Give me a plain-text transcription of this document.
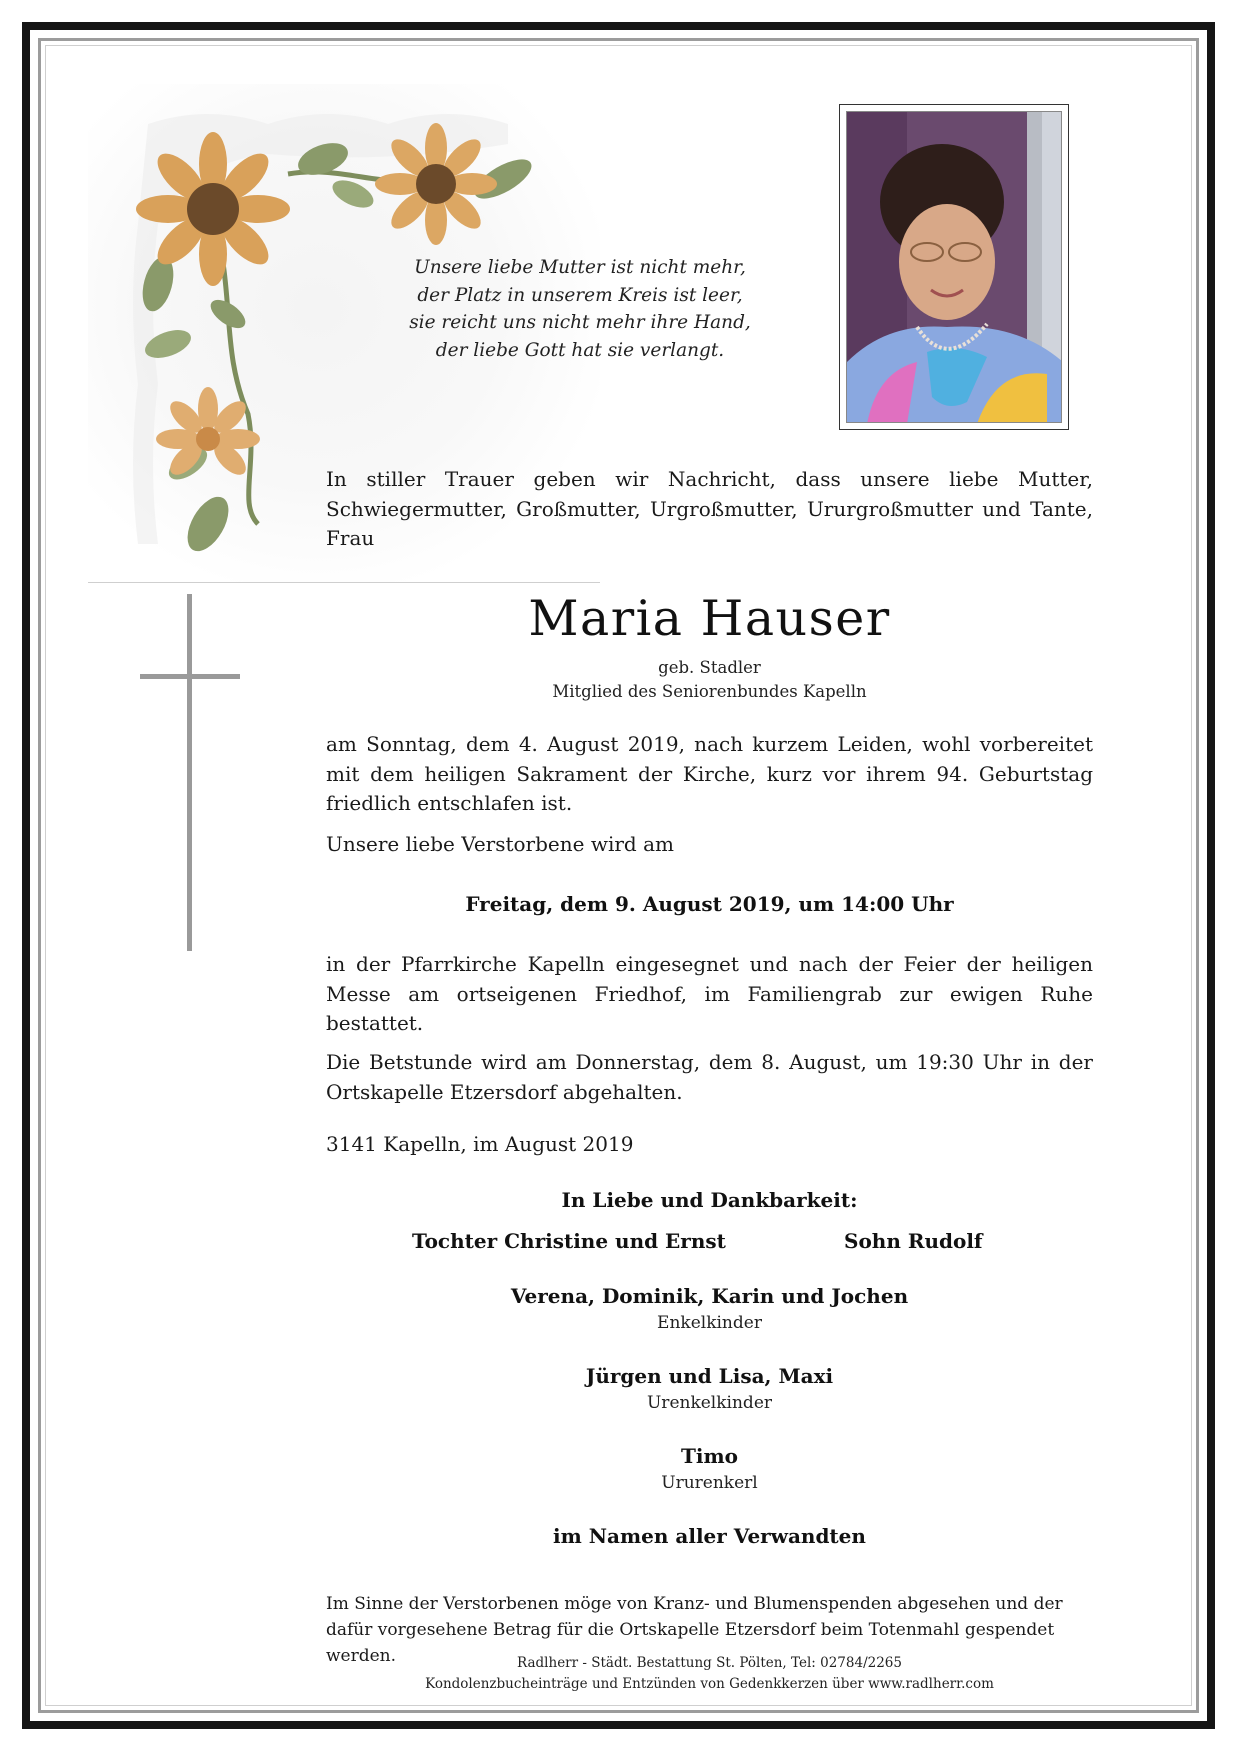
Unsere liebe Mutter ist nicht mehr,
der Platz in unserem Kreis ist leer,
sie reicht uns nicht mehr ihre Hand,
der liebe Gott hat sie verlangt.
In stiller Trauer geben wir Nachricht, dass unsere liebe Mutter, Schwiegermutter, Großmutter, Urgroßmutter, Ururgroßmutter und Tante, Frau
Maria Hauser
geb. Stadler
Mitglied des Seniorenbundes Kapelln
am Sonntag, dem 4. August 2019, nach kurzem Leiden, wohl vorbereitet mit dem heiligen Sakrament der Kirche, kurz vor ihrem 94. Geburtstag friedlich entschlafen ist.
Unsere liebe Verstorbene wird am
Freitag, dem 9. August 2019, um 14:00 Uhr
in der Pfarrkirche Kapelln eingesegnet und nach der Feier der heiligen Messe am ortseigenen Friedhof, im Familiengrab zur ewigen Ruhe bestattet.
Die Betstunde wird am Donnerstag, dem 8. August, um 19:30 Uhr in der Ortskapelle Etzersdorf abgehalten.
3141 Kapelln, im August 2019
In Liebe und Dankbarkeit:
Tochter Christine und Ernst	Sohn Rudolf
Verena, Dominik, Karin und Jochen
Enkelkinder
Jürgen und Lisa, Maxi
Urenkelkinder
Timo
Ururenkerl
im Namen aller Verwandten
Im Sinne der Verstorbenen möge von Kranz- und Blumenspenden abgesehen und der dafür vorgesehene Betrag für die Ortskapelle Etzersdorf beim Totenmahl gespendet werden.	Radlherr - Städt. Bestattung St. Pölten, Tel: 02784/2265
Kondolenzbucheinträge und Entzünden von Gedenkkerzen über www.radlherr.com
